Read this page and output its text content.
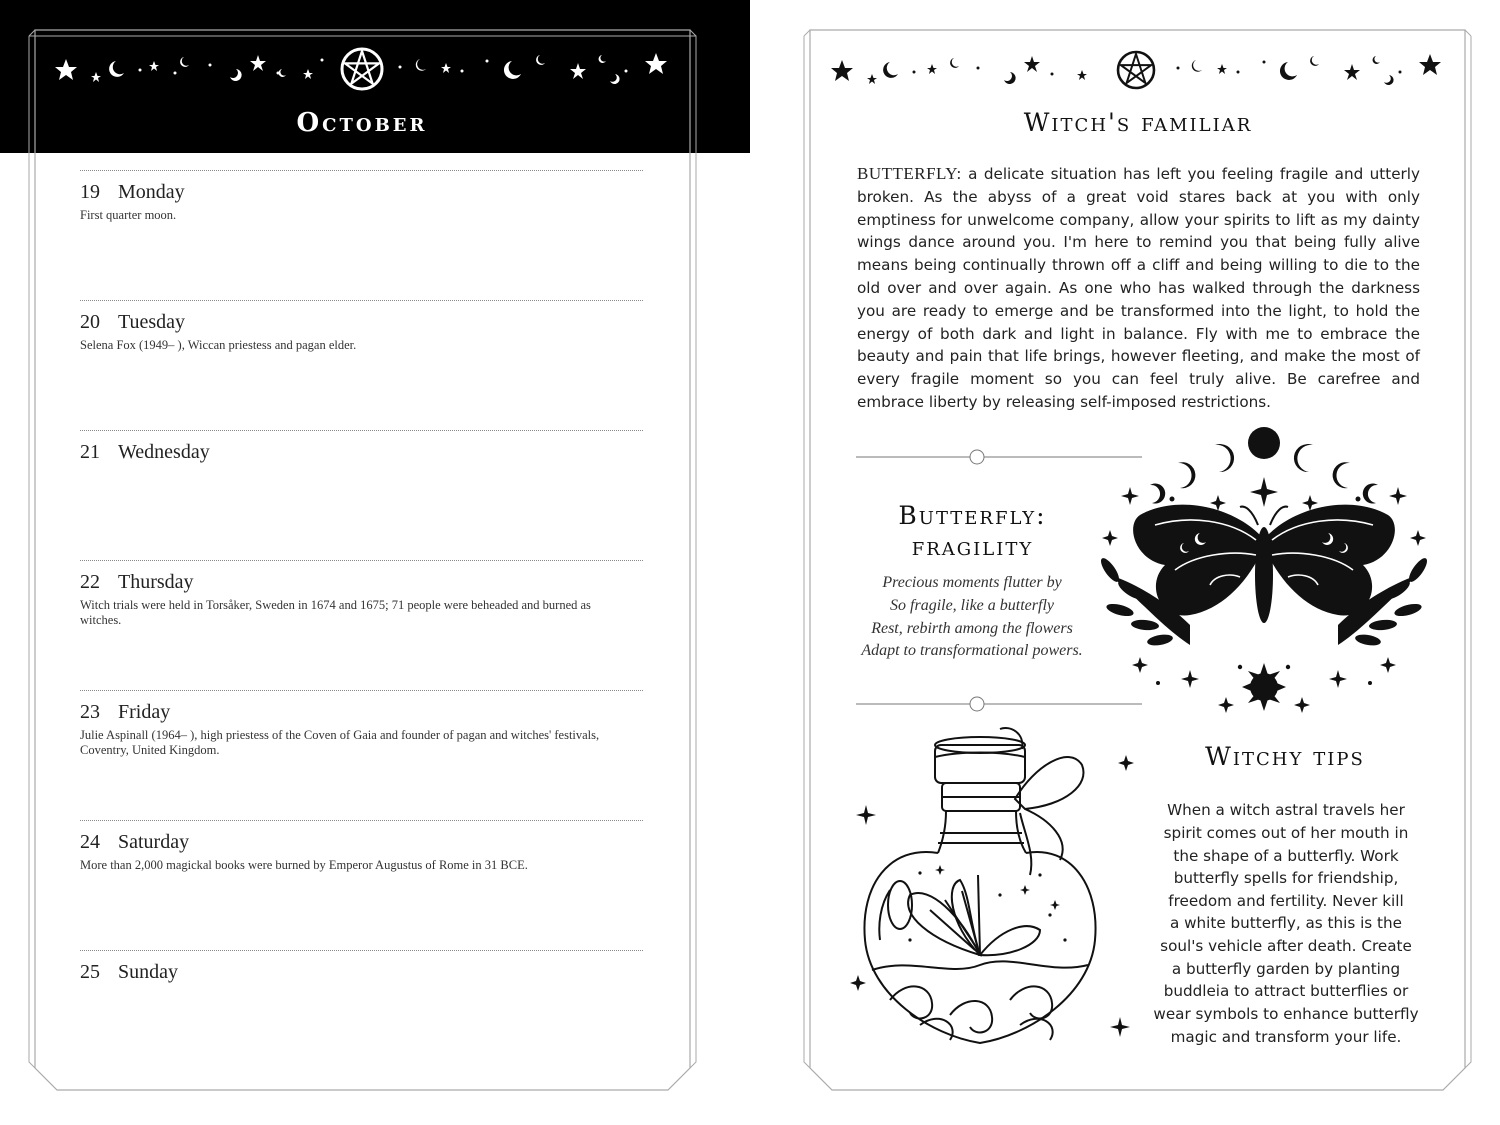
October
19 Monday
First quarter moon.
20 Tuesday
Selena Fox (1949– ), Wiccan priestess and pagan elder.
21 Wednesday
22 Thursday
Witch trials were held in Torsåker, Sweden in 1674 and 1675; 71 people were beheaded and burned as witches.
23 Friday
Julie Aspinall (1964– ), high priestess of the Coven of Gaia and founder of pagan and witches' festivals, Coventry, United Kingdom.
24 Saturday
More than 2,000 magickal books were burned by Emperor Augustus of Rome in 31 BCE.
25 Sunday
Witch's familiar
BUTTERFLY: a delicate situation has left you feeling fragile and utterly broken. As the abyss of a great void stares back at you with only emptiness for unwelcome company, allow your spirits to lift as my dainty wings dance around you. I'm here to remind you that being fully alive means being continually thrown off a cliff and being willing to die to the old over and over again. As one who has walked through the darkness you are ready to emerge and be transformed into the light, to hold the energy of both dark and light in balance. Fly with me to embrace the beauty and pain that life brings, however fleeting, and make the most of every fragile moment so you can feel truly alive. Be carefree and embrace liberty by releasing self-imposed restrictions.
Butterfly:
fragility
Precious moments flutter by
So fragile, like a butterfly
Rest, rebirth among the flowers
Adapt to transformational powers.
Witchy tips
When a witch astral travels her
spirit comes out of her mouth in
the shape of a butterfly. Work
butterfly spells for friendship,
freedom and fertility. Never kill
a white butterfly, as this is the
soul's vehicle after death. Create
a butterfly garden by planting
buddleia to attract butterflies or
wear symbols to enhance butterfly
magic and transform your life.
